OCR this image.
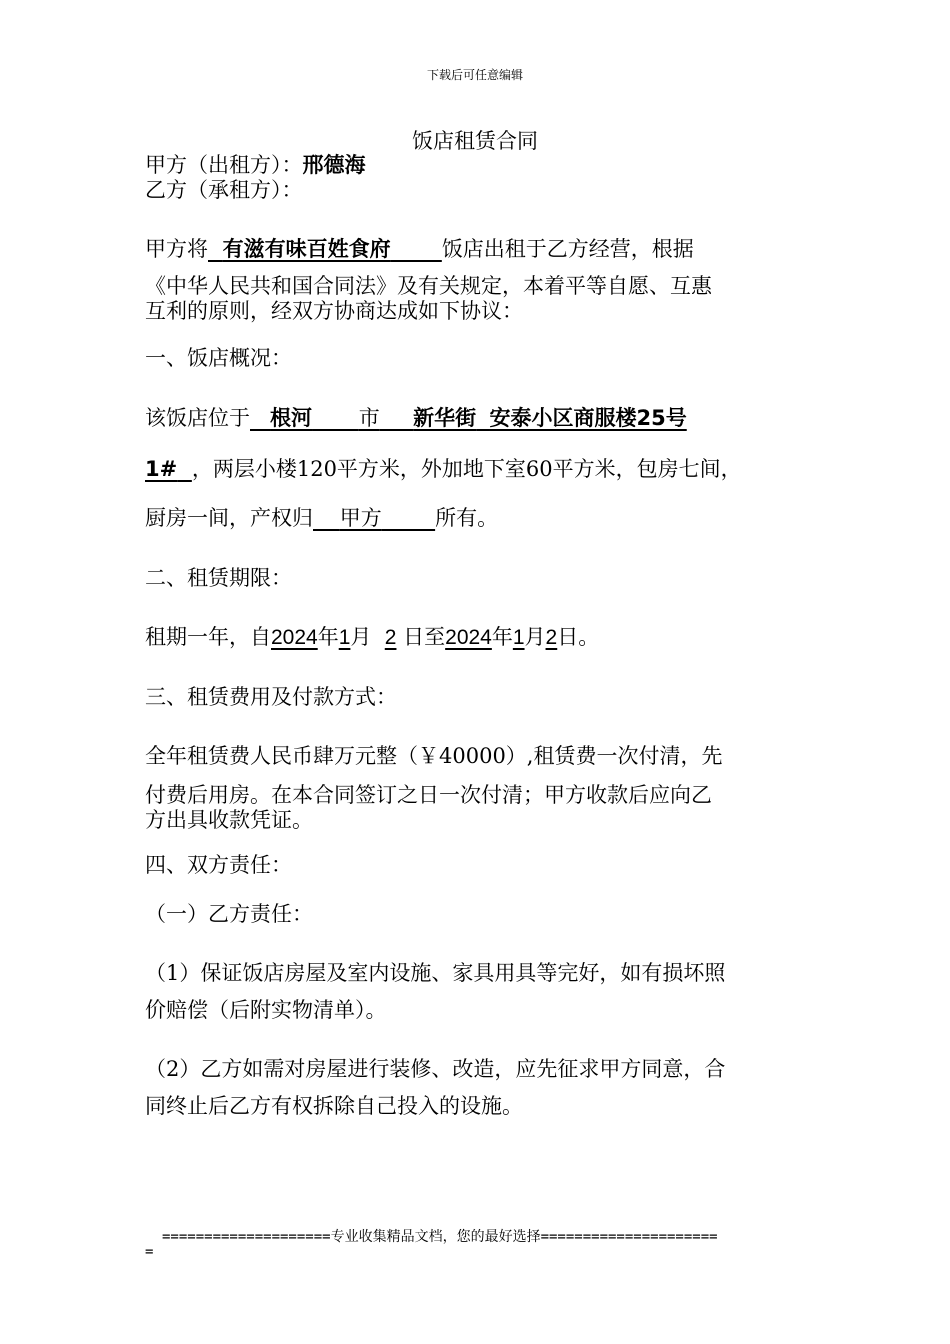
下载后可任意编辑
饭店租赁合同
甲方（出租方）：邢德海
乙方（承租方）：
甲方将 有滋有味百姓食府 饭店出租于乙方经营，根据
《中华人民共和国合同法》及有关规定，本着平等自愿、互惠
互利的原则，经双方协商达成如下协议：
一、饭店概况：
该饭店位于 根河 市 新华街 安泰小区商服楼25号
1# ，两层小楼120平方米，外加地下室60平方米，包房七间，
厨房一间，产权归 甲方	所有。
二、租赁期限：
租期一年，自2024年1月 2 日至2024年1月2日。
三、租赁费用及付款方式：
全年租赁费人民币肆万元整（￥40000）,租赁费一次付清，先
付费后用房。在本合同签订之日一次付清；甲方收款后应向乙
方出具收款凭证。
四、双方责任：
（一）乙方责任：
（1）保证饭店房屋及室内设施、家具用具等完好，如有损坏照
价赔偿（后附实物清单）。
（2）乙方如需对房屋进行装修、改造，应先征求甲方同意，合
同终止后乙方有权拆除自己投入的设施。
====================专业收集精品文档，您的最好选择=====================
=
